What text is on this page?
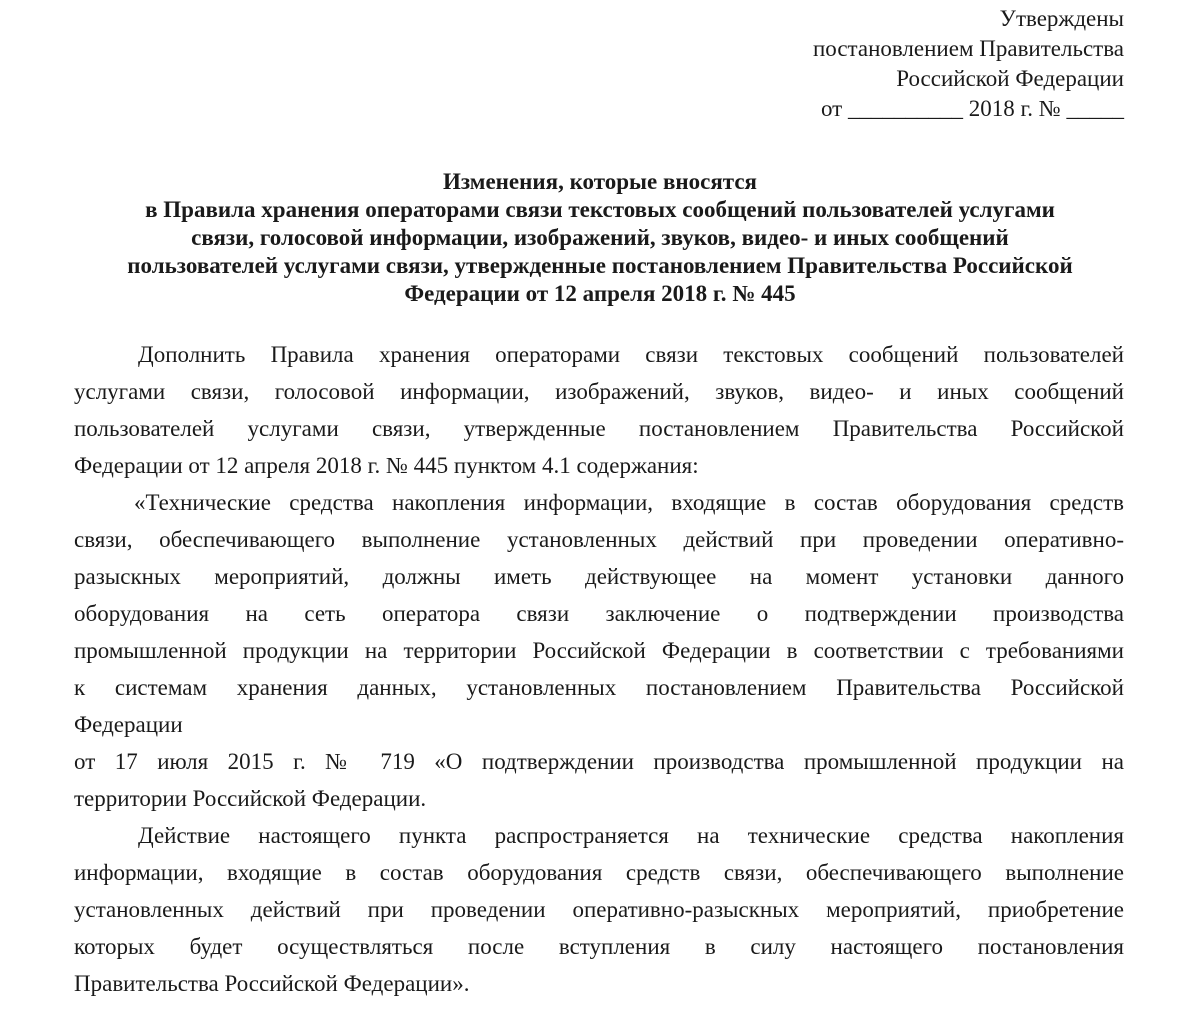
Утверждены
постановлением Правительства
Российской Федерации
от __________ 2018 г. № _____
Изменения, которые вносятся
в Правила хранения операторами связи текстовых сообщений пользователей услугами
связи, голосовой информации, изображений, звуков, видео- и иных сообщений
пользователей услугами связи, утвержденные постановлением Правительства Российской
Федерации от 12 апреля 2018 г. № 445
Дополнить Правила хранения операторами связи текстовых сообщений пользователей
услугами связи, голосовой информации, изображений, звуков, видео- и иных сообщений
пользователей услугами связи, утвержденные постановлением Правительства Российской
Федерации от 12 апреля 2018 г. № 445 пунктом 4.1 содержания:
«Технические средства накопления информации, входящие в состав оборудования средств
связи, обеспечивающего выполнение установленных действий при проведении оперативно-
разыскных мероприятий, должны иметь действующее на момент установки данного
оборудования на сеть оператора связи заключение о подтверждении производства
промышленной продукции на территории Российской Федерации в соответствии с требованиями
к системам хранения данных, установленных постановлением Правительства Российской
Федерации
от 17 июля 2015 г. № 719 «О подтверждении производства промышленной продукции на
территории Российской Федерации.
Действие настоящего пункта распространяется на технические средства накопления
информации, входящие в состав оборудования средств связи, обеспечивающего выполнение
установленных действий при проведении оперативно-разыскных мероприятий, приобретение
которых будет осуществляться после вступления в силу настоящего постановления
Правительства Российской Федерации».
